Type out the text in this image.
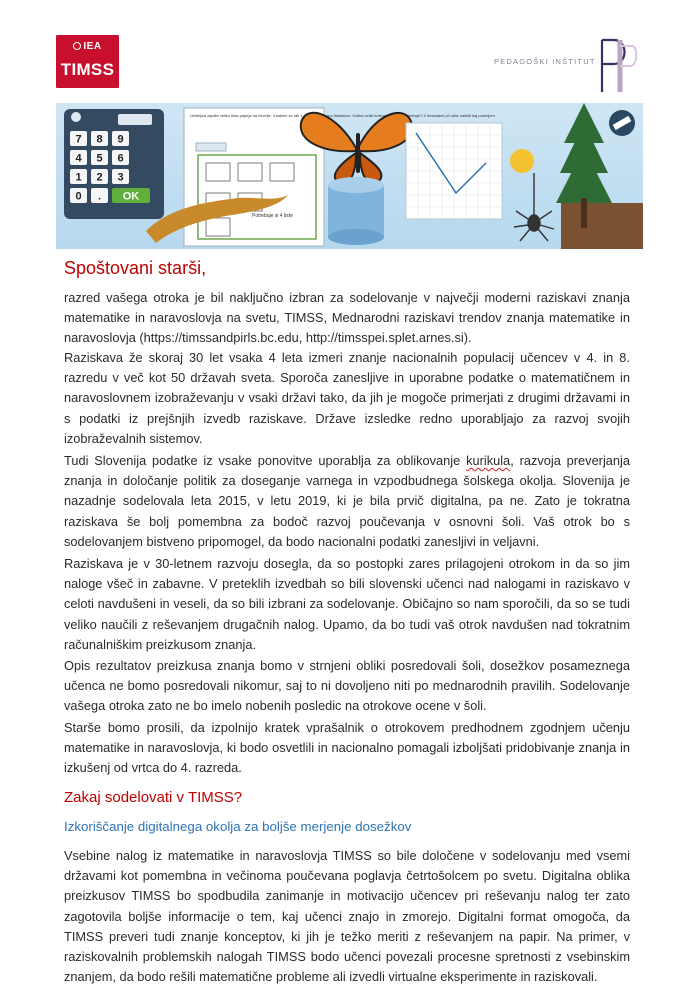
IEA
TIMSS	PEDAGOŠKI INŠTITUT
7 8 9
4 5 6
1 2 3
0 . OK
Učiteljica zapiše veliko tista papirja na čevelje. Vsakem so rali 1 učencev da smo tiskalnice. Kolika veliki kritica papirja je potrebuje? Z besedami pil oblic zaščiti kaj pomrijem
Potrebuje si 4 liste
Spoštovani starši,

razred vašega otroka je bil naključno izbran za sodelovanje v največji moderni raziskavi znanja matematike in naravoslovja na svetu, TIMSS, Mednarodni raziskavi trendov znanja matematike in naravoslovja (https://timssandpirls.bc.edu, http://timsspei.splet.arnes.si).

Raziskava že skoraj 30 let vsaka 4 leta izmeri znanje nacionalnih populacij učencev v 4. in 8. razredu v več kot 50 državah sveta. Sporoča zanesljive in uporabne podatke o matematičnem in naravoslovnem izobraževanju v vsaki državi tako, da jih je mogoče primerjati z drugimi državami in s podatki iz prejšnjih izvedb raziskave. Države izsledke redno uporabljajo za razvoj svojih izobraževalnih sistemov.

Tudi Slovenija podatke iz vsake ponovitve uporablja za oblikovanje kurikula, razvoja preverjanja znanja in določanje politik za doseganje varnega in vzpodbudnega šolskega okolja. Slovenija je nazadnje sodelovala leta 2015, v letu 2019, ki je bila prvič digitalna, pa ne. Zato je tokratna raziskava še bolj pomembna za bodoč razvoj poučevanja v osnovni šoli. Vaš otrok bo s sodelovanjem bistveno pripomogel, da bodo nacionalni podatki zanesljivi in veljavni.

Raziskava je v 30-letnem razvoju dosegla, da so postopki zares prilagojeni otrokom in da so jim naloge všeč in zabavne. V preteklih izvedbah so bili slovenski učenci nad nalogami in raziskavo v celoti navdušeni in veseli, da so bili izbrani za sodelovanje. Običajno so nam sporočili, da so se tudi veliko naučili z reševanjem drugačnih nalog. Upamo, da bo tudi vaš otrok navdušen nad tokratnim računalniškim preizkusom znanja.

Opis rezultatov preizkusa znanja bomo v strnjeni obliki posredovali šoli, dosežkov posameznega učenca ne bomo posredovali nikomur, saj to ni dovoljeno niti po mednarodnih pravilih. Sodelovanje vašega otroka zato ne bo imelo nobenih posledic na otrokove ocene v šoli.

Starše bomo prosili, da izpolnijo kratek vprašalnik o otrokovem predhodnem zgodnjem učenju matematike in naravoslovja, ki bodo osvetlili in nacionalno pomagali izboljšati pridobivanje znanja in izkušenj od vrtca do 4. razreda.

Zakaj sodelovati v TIMSS?
Izkoriščanje digitalnega okolja za boljše merjenje dosežkov

Vsebine nalog iz matematike in naravoslovja TIMSS so bile določene v sodelovanju med vsemi državami kot pomembna in večinoma poučevana poglavja četrtošolcem po svetu. Digitalna oblika preizkusov TIMSS bo spodbudila zanimanje in motivacijo učencev pri reševanju nalog ter zato zagotovila boljše informacije o tem, kaj učenci znajo in zmorejo. Digitalni format omogoča, da TIMSS preveri tudi znanje konceptov, ki jih je težko meriti z reševanjem na papir. Na primer, v raziskovalnih problemskih nalogah TIMSS bodo učenci povezali procesne spretnosti z vsebinskim znanjem, da bodo rešili matematične probleme ali izvedli virtualne eksperimente in raziskovali.
